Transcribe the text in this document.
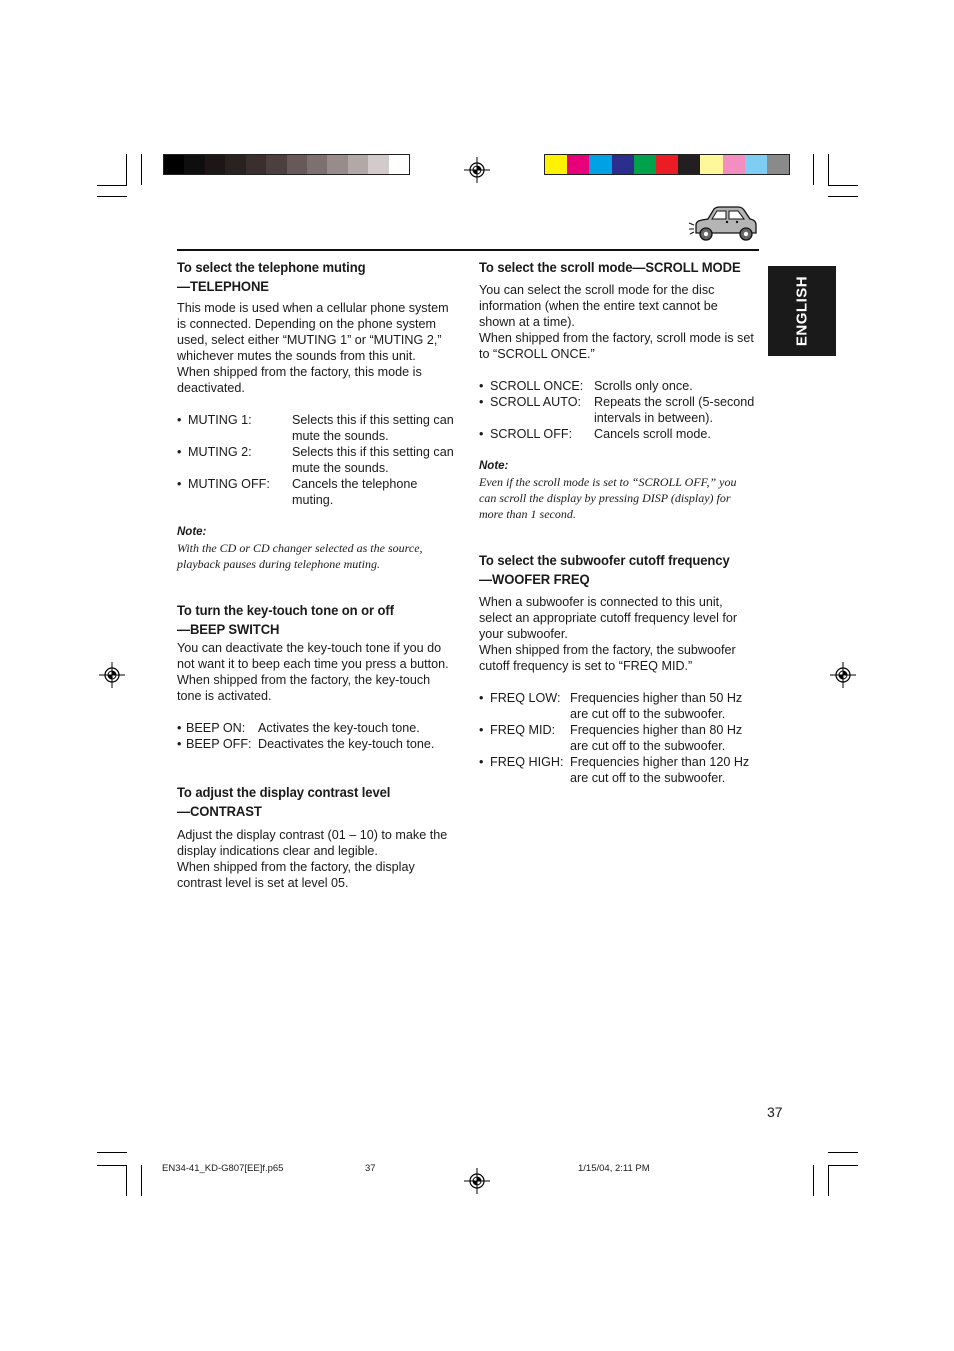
ENGLISH
To select the telephone muting
—TELEPHONE

This mode is used when a cellular phone system

is connected. Depending on the phone system

used, select either “MUTING 1” or “MUTING 2,”

whichever mutes the sounds from this unit.

When shipped from the factory, this mode is

deactivated.

• MUTING 1:	Selects this if this setting can
mute the sounds.
• MUTING 2:	Selects this if this setting can
mute the sounds.
• MUTING OFF:	Cancels the telephone muting.

Note:

With the CD or CD changer selected as the source,

playback pauses during telephone muting.

To turn the key-touch tone on or off
—BEEP SWITCH

You can deactivate the key-touch tone if you do

not want it to beep each time you press a button.

When shipped from the factory, the key-touch

tone is activated.

• BEEP ON:	Activates the key-touch tone.
• BEEP OFF: Deactivates the key-touch tone.
To adjust the display contrast level
—CONTRAST

Adjust the display contrast (01 – 10) to make the

display indications clear and legible.

When shipped from the factory, the display

contrast level is set at level 05.

To select the scroll mode—SCROLL MODE

You can select the scroll mode for the disc

information (when the entire text cannot be

shown at a time).

When shipped from the factory, scroll mode is set

to “SCROLL ONCE.”

• SCROLL ONCE: Scrolls only once.
• SCROLL AUTO:	Repeats the scroll (5-second
intervals in between).
• SCROLL OFF:	Cancels scroll mode.

Note:

Even if the scroll mode is set to “SCROLL OFF,” you

can scroll the display by pressing DISP (display) for

more than 1 second.

To select the subwoofer cutoff frequency
—WOOFER FREQ

When a subwoofer is connected to this unit,

select an appropriate cutoff frequency level for

your subwoofer.

When shipped from the factory, the subwoofer

cutoff frequency is set to “FREQ MID.”

• FREQ LOW: Frequencies higher than 50 Hz
are cut off to the subwoofer.
• FREQ MID:	Frequencies higher than 80 Hz
are cut off to the subwoofer.
• FREQ HIGH: Frequencies higher than 120 Hz
are cut off to the subwoofer.
37
EN34-41_KD-G807[EE]f.p65	37	1/15/04, 2:11 PM
